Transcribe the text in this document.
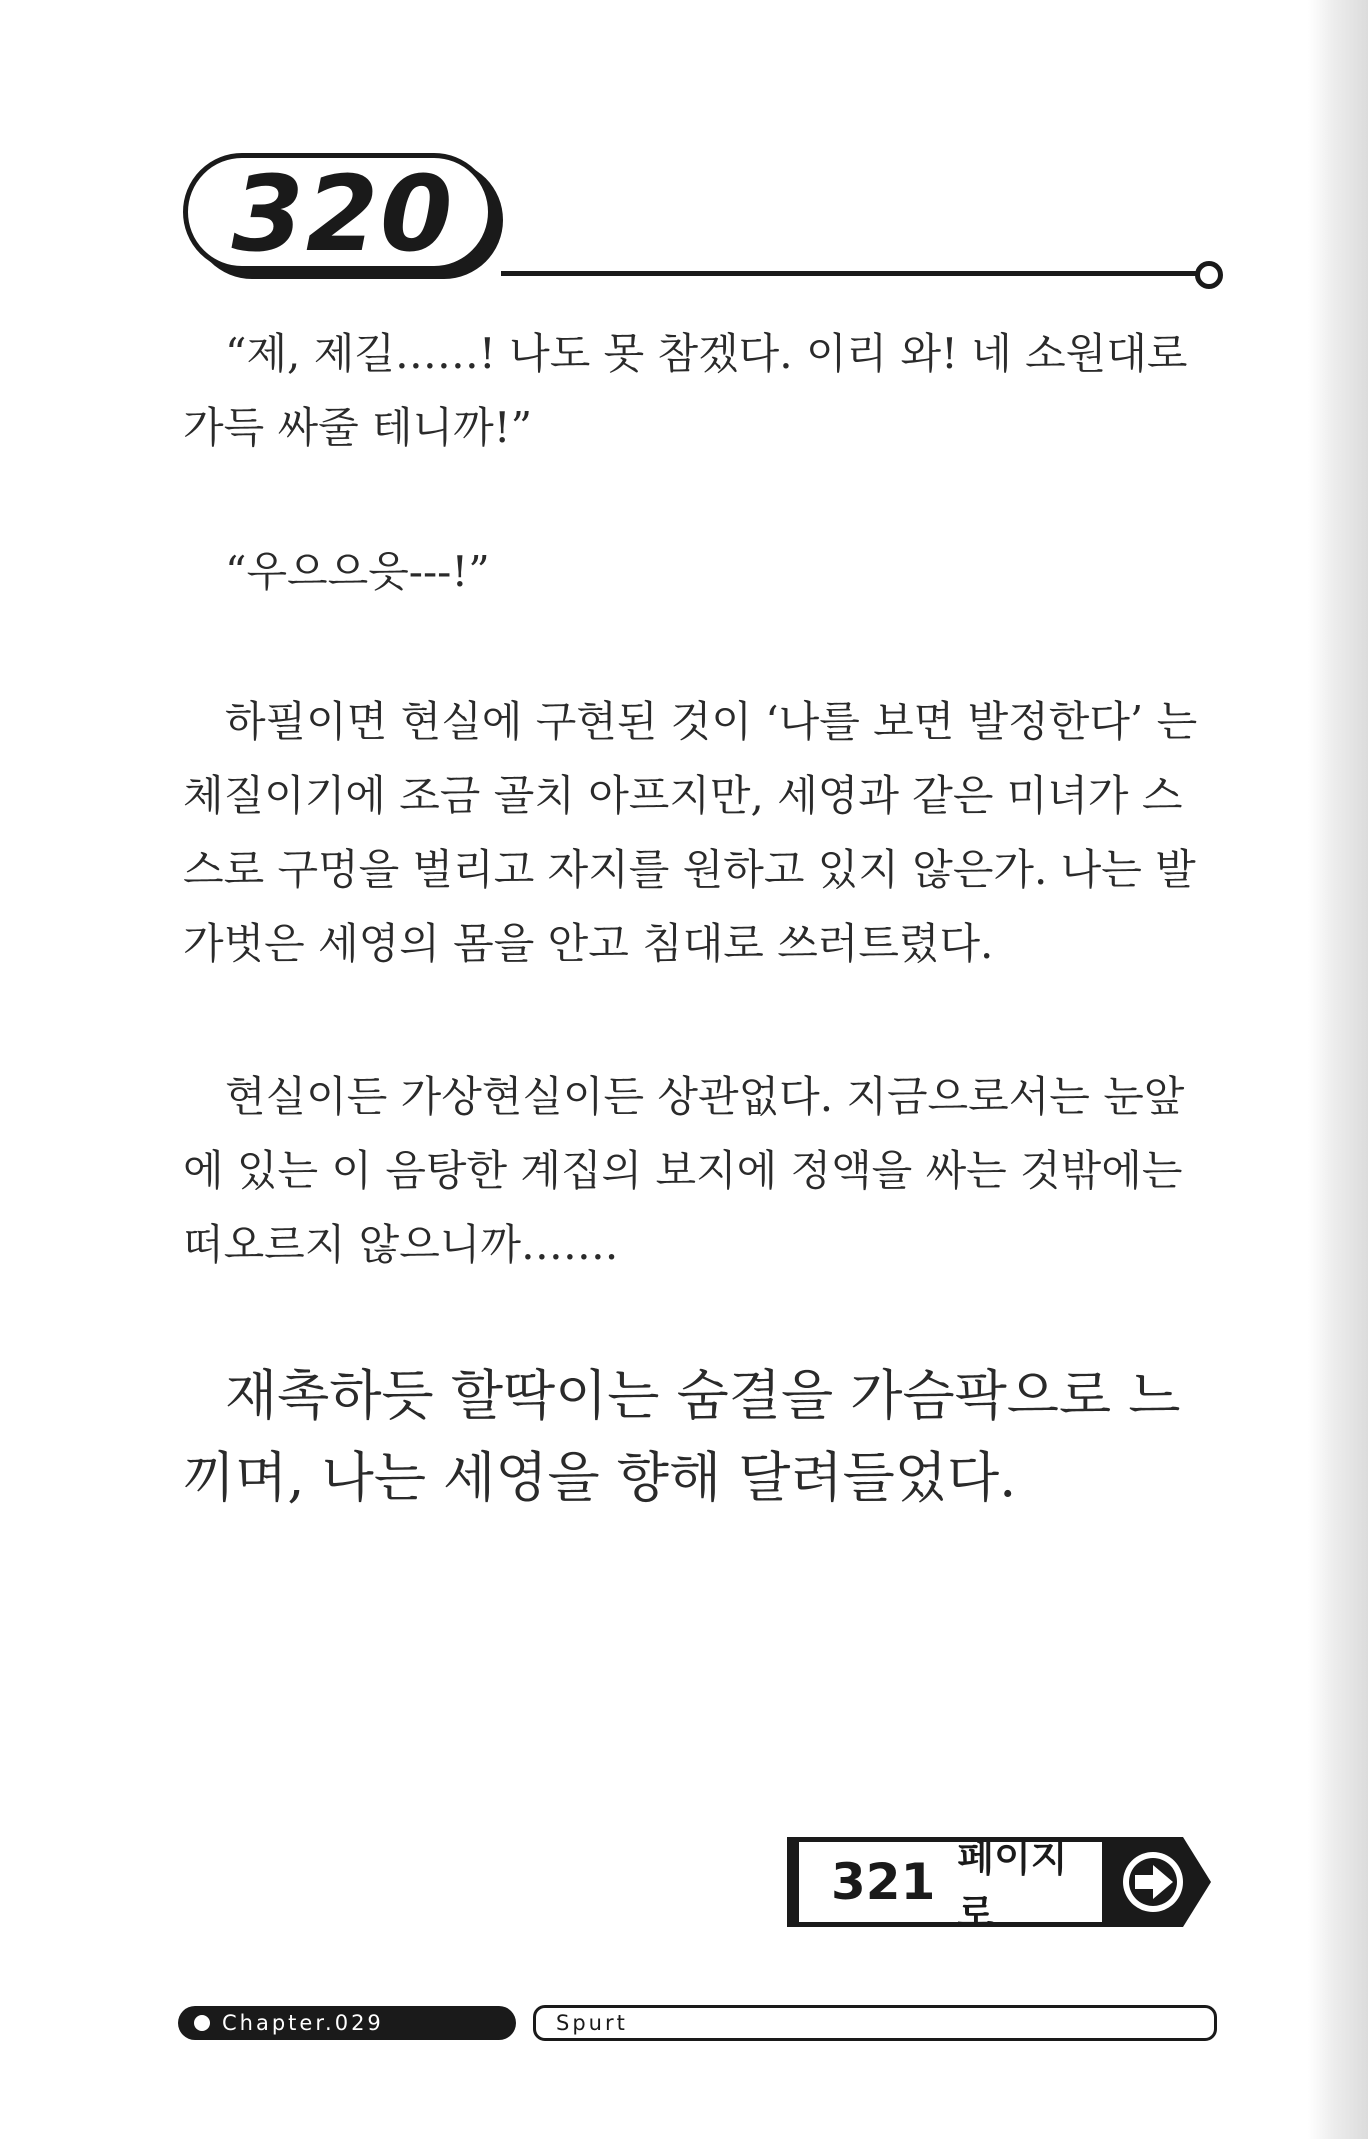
320

“제, 제길……! 나도 못 참겠다. 이리 와! 네 소원대로 가득 싸줄 테니까!”

“우으으읏---!”

하필이면 현실에 구현된 것이 ‘나를 보면 발정한다’ 는 체질이기에 조금 골치 아프지만, 세영과 같은 미녀가 스스로 구멍을 벌리고 자지를 원하고 있지 않은가. 나는 발가벗은 세영의 몸을 안고 침대로 쓰러트렸다.

현실이든 가상현실이든 상관없다. 지금으로서는 눈앞에 있는 이 음탕한 계집의 보지에 정액을 싸는 것밖에는 떠오르지 않으니까…….

재촉하듯 할딱이는 숨결을 가슴팍으로 느끼며, 나는 세영을 향해 달려들었다.

321 페이지로
Chapter.029	Spurt
